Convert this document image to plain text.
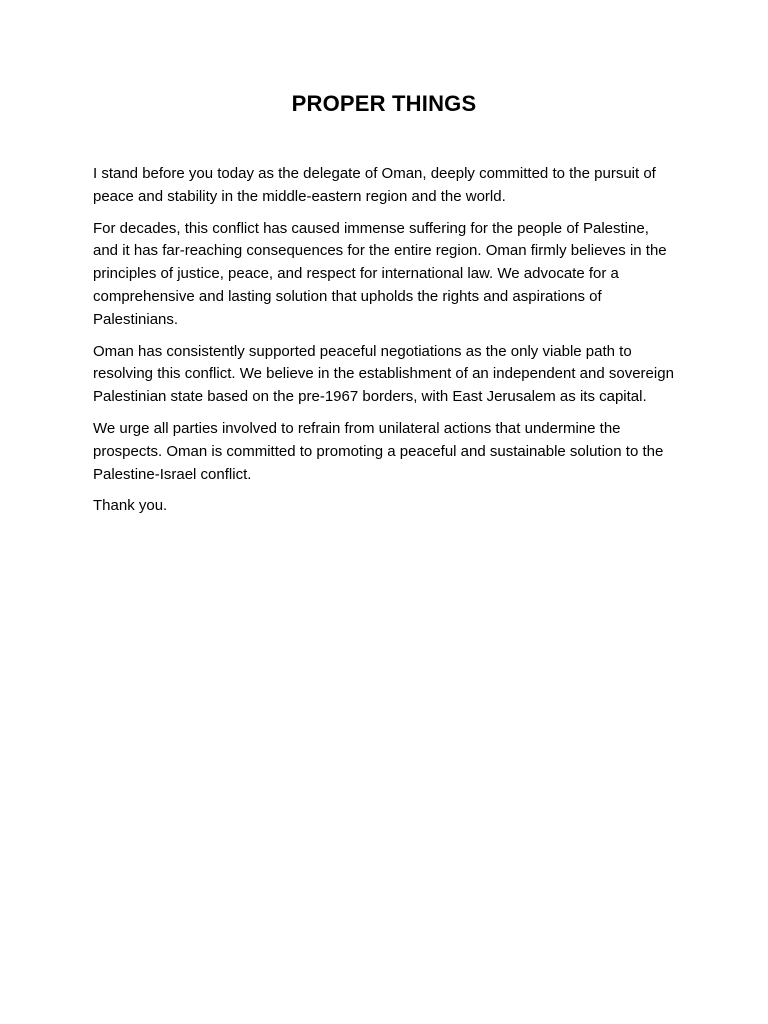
PROPER THINGS

I stand before you today as the delegate of Oman, deeply committed to the pursuit of peace and stability in the middle-eastern region and the world.

For decades, this conflict has caused immense suffering for the people of Palestine, and it has far-reaching consequences for the entire region. Oman firmly believes in the principles of justice, peace, and respect for international law. We advocate for a comprehensive and lasting solution that upholds the rights and aspirations of Palestinians.

Oman has consistently supported peaceful negotiations as the only viable path to resolving this conflict. We believe in the establishment of an independent and sovereign Palestinian state based on the pre-1967 borders, with East Jerusalem as its capital.

We urge all parties involved to refrain from unilateral actions that undermine the prospects. Oman is committed to promoting a peaceful and sustainable solution to the Palestine-Israel conflict.

Thank you.
